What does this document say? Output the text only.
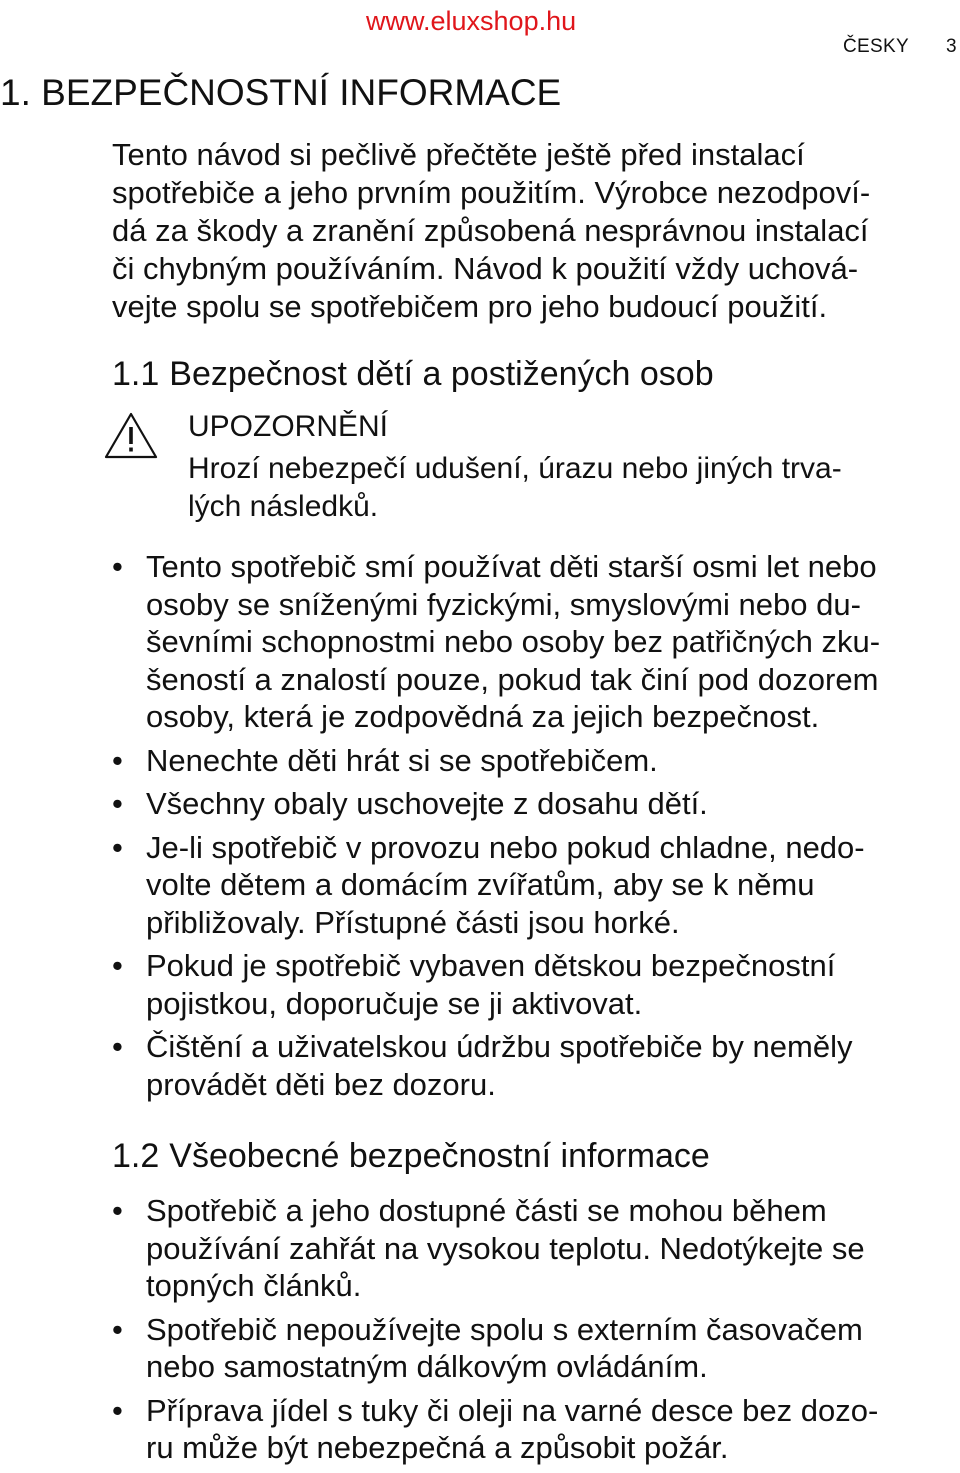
www.eluxshop.hu
ČESKY 3
1. BEZPEČNOSTNÍ INFORMACE

Tento návod si pečlivě přečtěte ještě před instalací
spotřebiče a jeho prvním použitím. Výrobce nezodpoví-
dá za škody a zranění způsobená nesprávnou instalací
či chybným používáním. Návod k použití vždy uchová-
vejte spolu se spotřebičem pro jeho budoucí použití.

1.1 Bezpečnost dětí a postižených osob
UPOZORNĚNÍ
Hrozí nebezpečí udušení, úrazu nebo jiných trva-
lých následků.
• Tento spotřebič smí používat děti starší osmi let nebo
osoby se sníženými fyzickými, smyslovými nebo du-
ševními schopnostmi nebo osoby bez patřičných zku-
šeností a znalostí pouze, pokud tak činí pod dozorem
osoby, která je zodpovědná za jejich bezpečnost.
• Nenechte děti hrát si se spotřebičem.
• Všechny obaly uschovejte z dosahu dětí.
• Je-li spotřebič v provozu nebo pokud chladne, nedo-
volte dětem a domácím zvířatům, aby se k němu
přibližovaly. Přístupné části jsou horké.
• Pokud je spotřebič vybaven dětskou bezpečnostní
pojistkou, doporučuje se ji aktivovat.
• Čištění a uživatelskou údržbu spotřebiče by neměly
provádět děti bez dozoru.
1.2 Všeobecné bezpečnostní informace
• Spotřebič a jeho dostupné části se mohou během
používání zahřát na vysokou teplotu. Nedotýkejte se
topných článků.
• Spotřebič nepoužívejte spolu s externím časovačem
nebo samostatným dálkovým ovládáním.
• Příprava jídel s tuky či oleji na varné desce bez dozo-
ru může být nebezpečná a způsobit požár.
